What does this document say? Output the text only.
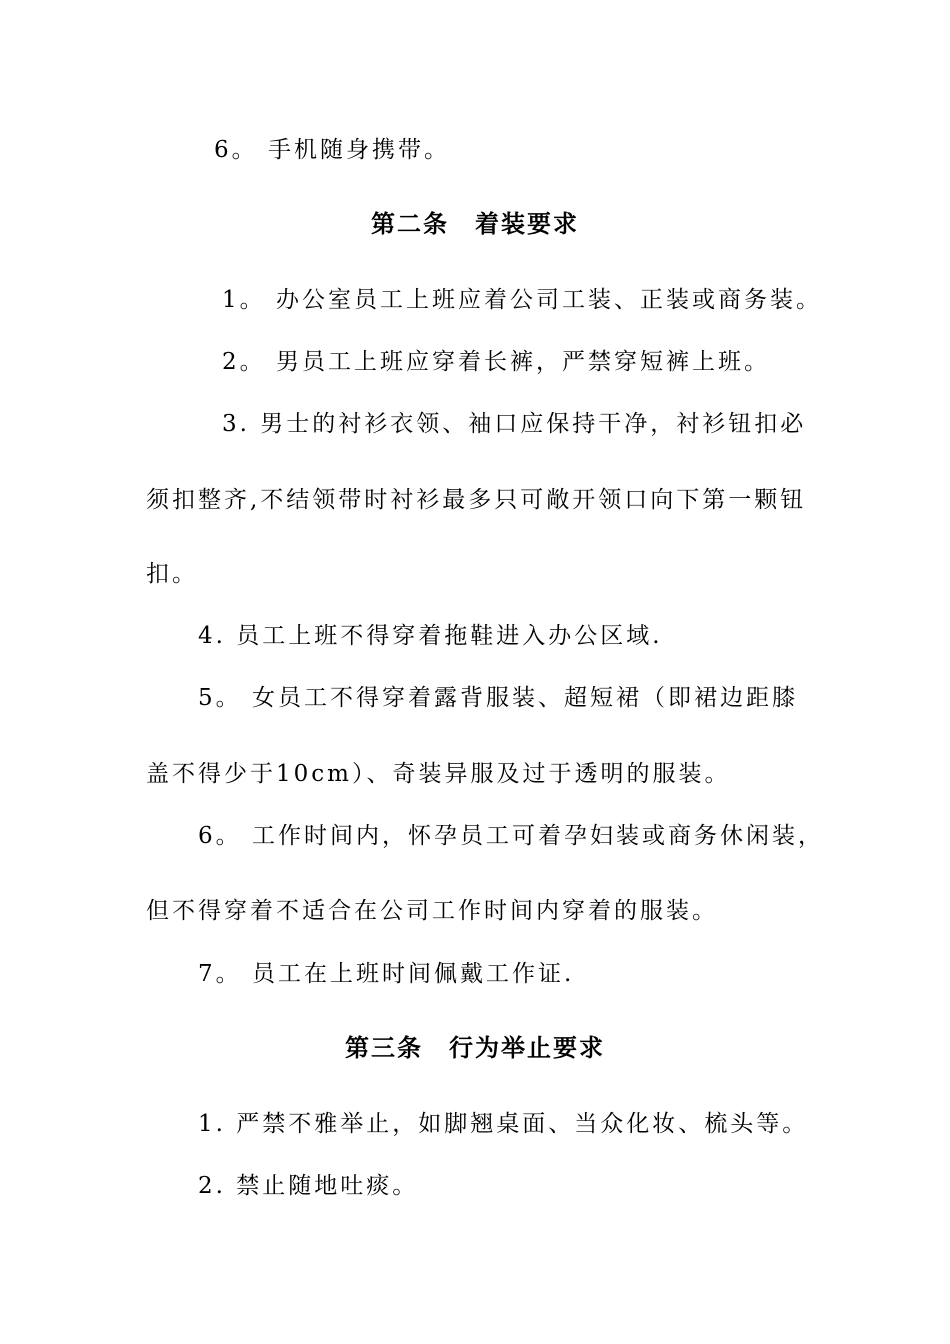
6。 手机随身携带。
第二条　着装要求
1。 办公室员工上班应着公司工装、正装或商务装。
2。 男员工上班应穿着长裤，严禁穿短裤上班。
3. 男士的衬衫衣领、袖口应保持干净，衬衫钮扣必
须扣整齐,不结领带时衬衫最多只可敞开领口向下第一颗钮
扣。
4. 员工上班不得穿着拖鞋进入办公区域.
5。 女员工不得穿着露背服装、超短裙（即裙边距膝
盖不得少于10cm）、奇装异服及过于透明的服装。
6。 工作时间内，怀孕员工可着孕妇装或商务休闲装，
但不得穿着不适合在公司工作时间内穿着的服装。
7。 员工在上班时间佩戴工作证.
第三条　行为举止要求
1. 严禁不雅举止，如脚翘桌面、当众化妆、梳头等。
2. 禁止随地吐痰。
